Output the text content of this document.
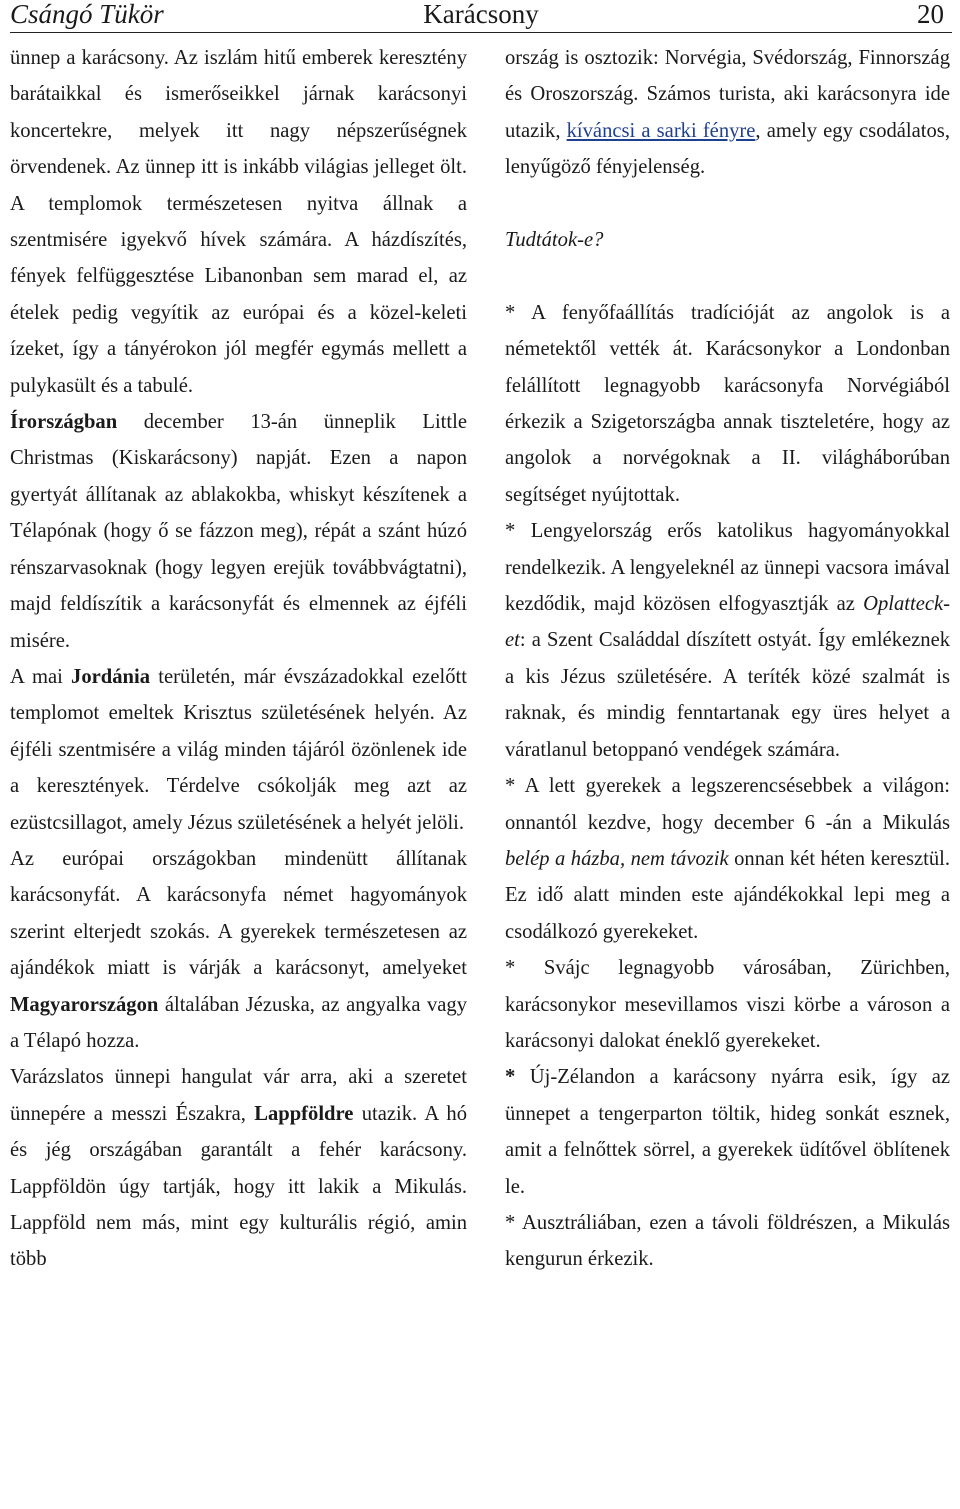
Csángó Tükör	Karácsony	20

ünnep a karácsony. Az iszlám hitű emberek keresztény barátaikkal és ismerőseikkel járnak karácsonyi koncertekre, melyek itt nagy népszerűségnek örvendenek. Az ünnep itt is inkább világias jelleget ölt. A templomok természetesen nyitva állnak a szentmisére igyekvő hívek számára. A házdíszítés, fények felfüggesztése Libanonban sem marad el, az ételek pedig vegyítik az európai és a közel-keleti ízeket, így a tányérokon jól megfér egymás mellett a pulykasült és a tabulé.

Írországban december 13-án ünneplik Little Christmas (Kiskarácsony) napját. Ezen a napon gyertyát állítanak az ablakokba, whiskyt készítenek a Télapónak (hogy ő se fázzon meg), répát a szánt húzó rénszarvasoknak (hogy legyen erejük továbbvágtatni), majd feldíszítik a karácsonyfát és elmennek az éjféli misére.

A mai Jordánia területén, már évszázadokkal ezelőtt templomot emeltek Krisztus születésének helyén. Az éjféli szentmisére a világ minden tájáról özönlenek ide a keresztények. Térdelve csókolják meg azt az ezüstcsillagot, amely Jézus születésének a helyét jelöli.

Az európai országokban mindenütt állítanak karácsonyfát. A karácsonyfa német hagyományok szerint elterjedt szokás. A gyerekek természetesen az ajándékok miatt is várják a karácsonyt, amelyeket Magyarországon általában Jézuska, az angyalka vagy a Télapó hozza.

Varázslatos ünnepi hangulat vár arra, aki a szeretet ünnepére a messzi Északra, Lappföldre utazik. A hó és jég országában garantált a fehér karácsony. Lappföldön úgy tartják, hogy itt lakik a Mikulás. Lappföld nem más, mint egy kulturális régió, amin több

ország is osztozik: Norvégia, Svédország, Finnország és Oroszország. Számos turista, aki karácsonyra ide utazik, kíváncsi a sarki fényre, amely egy csodálatos, lenyűgöző fényjelenség.

Tudtátok-e?

* A fenyőfaállítás tradícióját az angolok is a németektől vették át. Karácsonykor a Londonban felállított legnagyobb karácsonyfa Norvégiából érkezik a Szigetországba annak tiszteletére, hogy az angolok a norvégoknak a II. világháborúban segítséget nyújtottak.

* Lengyelország erős katolikus hagyományokkal rendelkezik. A lengyeleknél az ünnepi vacsora imával kezdődik, majd közösen elfogyasztják az Oplatteck-et: a Szent Családdal díszített ostyát. Így emlékeznek a kis Jézus születésére. A teríték közé szalmát is raknak, és mindig fenntartanak egy üres helyet a váratlanul betoppanó vendégek számára.

* A lett gyerekek a legszerencsésebbek a világon: onnantól kezdve, hogy december 6 -án a Mikulás belép a házba, nem távozik onnan két héten keresztül. Ez idő alatt minden este ajándékokkal lepi meg a csodálkozó gyerekeket.

* Svájc legnagyobb városában, Zürichben, karácsonykor mesevillamos viszi körbe a városon a karácsonyi dalokat éneklő gyerekeket.

* Új-Zélandon a karácsony nyárra esik, így az ünnepet a tengerparton töltik, hideg sonkát esznek, amit a felnőttek sörrel, a gyerekek üdítővel öblítenek le.

* Ausztráliában, ezen a távoli földrészen, a Mikulás kengurun érkezik.
